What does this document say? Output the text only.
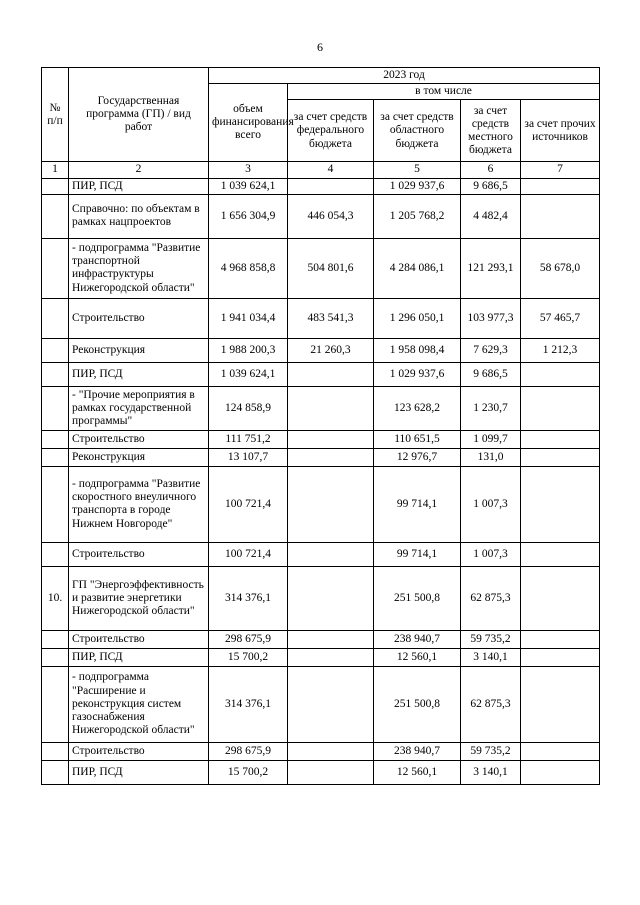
6
№ п/п	Государственная программа (ГП) / вид работ	2023 год				
		объем финансирования всего	в том числе			
			за счет средств федерального бюджета	за счет средств областного бюджета	за счет средств местного бюджета	за счет прочих источников
1	2	3	4	5	6	7
	ПИР, ПСД	1 039 624,1		1 029 937,6	9 686,5	
	Справочно: по объектам в рамках нацпроектов	1 656 304,9	446 054,3	1 205 768,2	4 482,4	
	- подпрограмма "Развитие транспортной инфраструктуры Нижегородской области"	4 968 858,8	504 801,6	4 284 086,1	121 293,1	58 678,0
	Строительство	1 941 034,4	483 541,3	1 296 050,1	103 977,3	57 465,7
	Реконструкция	1 988 200,3	21 260,3	1 958 098,4	7 629,3	1 212,3
	ПИР, ПСД	1 039 624,1		1 029 937,6	9 686,5	
	- "Прочие мероприятия в рамках государственной программы"	124 858,9		123 628,2	1 230,7	
	Строительство	111 751,2		110 651,5	1 099,7	
	Реконструкция	13 107,7		12 976,7	131,0	
	- подпрограмма "Развитие скоростного внеуличного транспорта в городе Нижнем Новгороде"	100 721,4		99 714,1	1 007,3	
	Строительство	100 721,4		99 714,1	1 007,3	
10.	ГП "Энергоэффективность и развитие энергетики Нижегородской области"	314 376,1		251 500,8	62 875,3	
	Строительство	298 675,9		238 940,7	59 735,2	
	ПИР, ПСД	15 700,2		12 560,1	3 140,1	
	- подпрограмма "Расширение и реконструкция систем газоснабжения Нижегородской области"	314 376,1		251 500,8	62 875,3	
	Строительство	298 675,9		238 940,7	59 735,2	
	ПИР, ПСД	15 700,2		12 560,1	3 140,1	
